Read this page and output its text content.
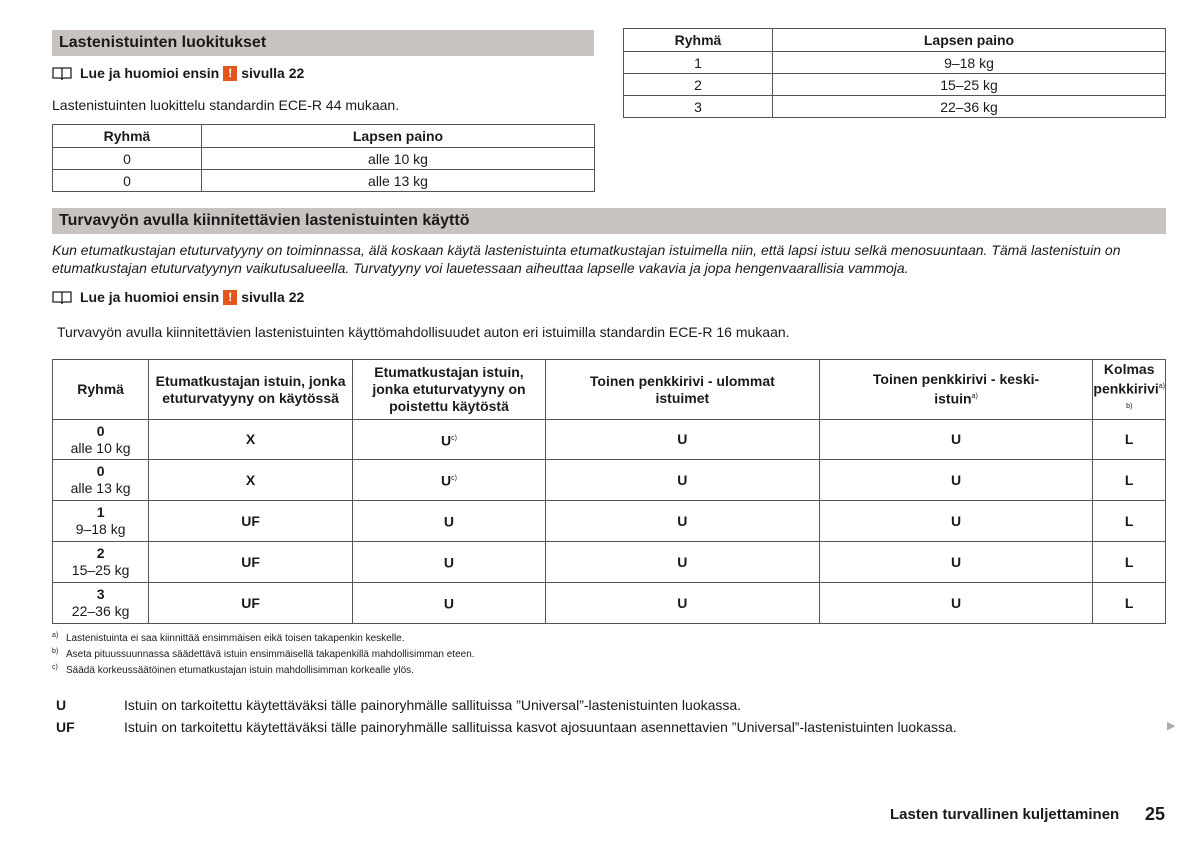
Lastenistuinten luokitukset
Lue ja huomioi ensin ! sivulla 22
Lastenistuinten luokittelu standardin ECE-R 44 mukaan.
Ryhmä	Lapsen paino
0	alle 10 kg
0	alle 13 kg
Ryhmä	Lapsen paino
1	9–18 kg
2	15–25 kg
3	22–36 kg
Turvavyön avulla kiinnitettävien lastenistuinten käyttö
Kun etumatkustajan etuturvatyyny on toiminnassa, älä koskaan käytä lastenistuinta etumatkustajan istuimella niin, että lapsi istuu selkä menosuuntaan. Tämä lastenistuin on etumatkustajan etuturvatyynyn vaikutusalueella. Turvatyyny voi lauetessaan aiheuttaa lapselle vakavia ja jopa hengenvaarallisia vammoja.
Lue ja huomioi ensin ! sivulla 22
Turvavyön avulla kiinnitettävien lastenistuinten käyttömahdollisuudet auton eri istuimilla standardin ECE-R 16 mukaan.
Ryhmä	Etumatkustajan istuin, jonka etuturvatyyny on käytössä	Etumatkustajan istuin, jonka etuturvatyyny on poistettu käytöstä	Toinen penkkirivi - ulommat istuimet	Toinen penkkirivi - keski-istuin$^{a)}$	Kolmas penkkirivi$^{a) b)}$
0
alle 10 kg	X	$U^{c)}$	U	U	L
0
alle 13 kg	X	$U^{c)}$	U	U	L
1
9–18 kg	UF	U	U	U	L
2
15–25 kg	UF	U	U	U	L
3
22–36 kg	UF	U	U	U	L
a) Lastenistuinta ei saa kiinnittää ensimmäisen eikä toisen takapenkin keskelle.
b) Aseta pituussuunnassa säädettävä istuin ensimmäisellä takapenkillä mahdollisimman eteen.
c) Säädä korkeussäätöinen etumatkustajan istuin mahdollisimman korkealle ylös.
U	Istuin on tarkoitettu käytettäväksi tälle painoryhmälle sallituissa ”Universal”-lastenistuinten luokassa.
UF	Istuin on tarkoitettu käytettäväksi tälle painoryhmälle sallituissa kasvot ajosuuntaan asennettavien ”Universal”-lastenistuinten luokassa.	▶
Lasten turvallinen kuljettaminen 25
